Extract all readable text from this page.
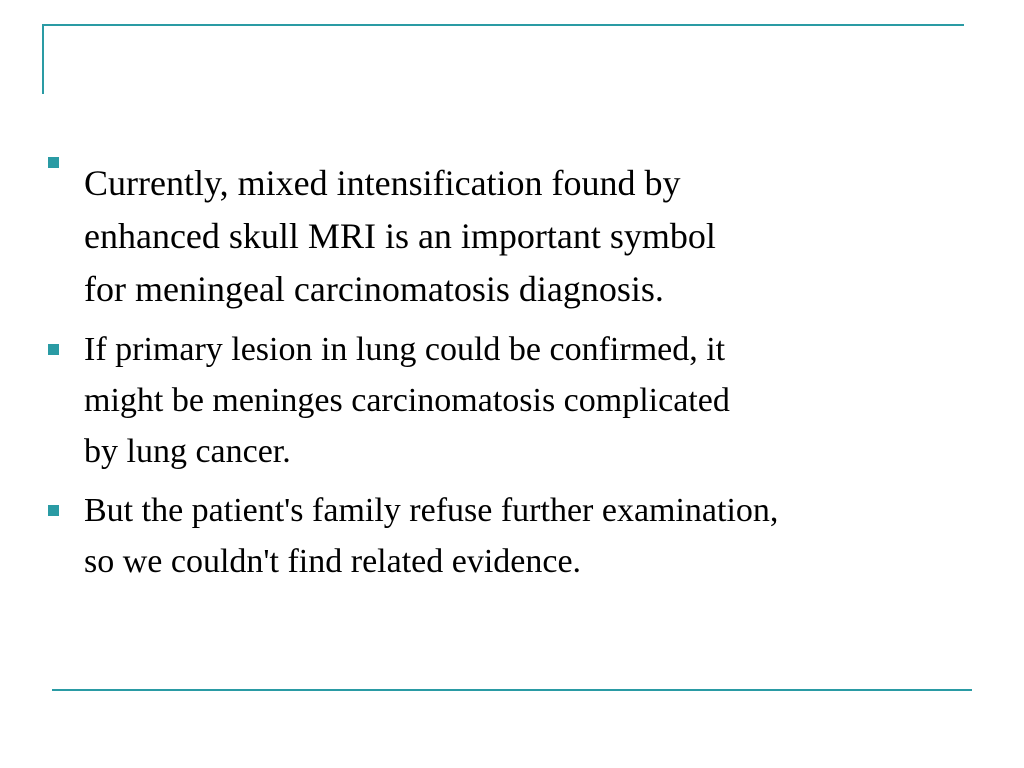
Currently, mixed intensification found by
enhanced skull MRI is an important symbol
for meningeal carcinomatosis diagnosis.
If primary lesion in lung could be confirmed, it
might be meninges carcinomatosis complicated
by lung cancer.
But the patient's family refuse further examination,
so we couldn't find related evidence.
